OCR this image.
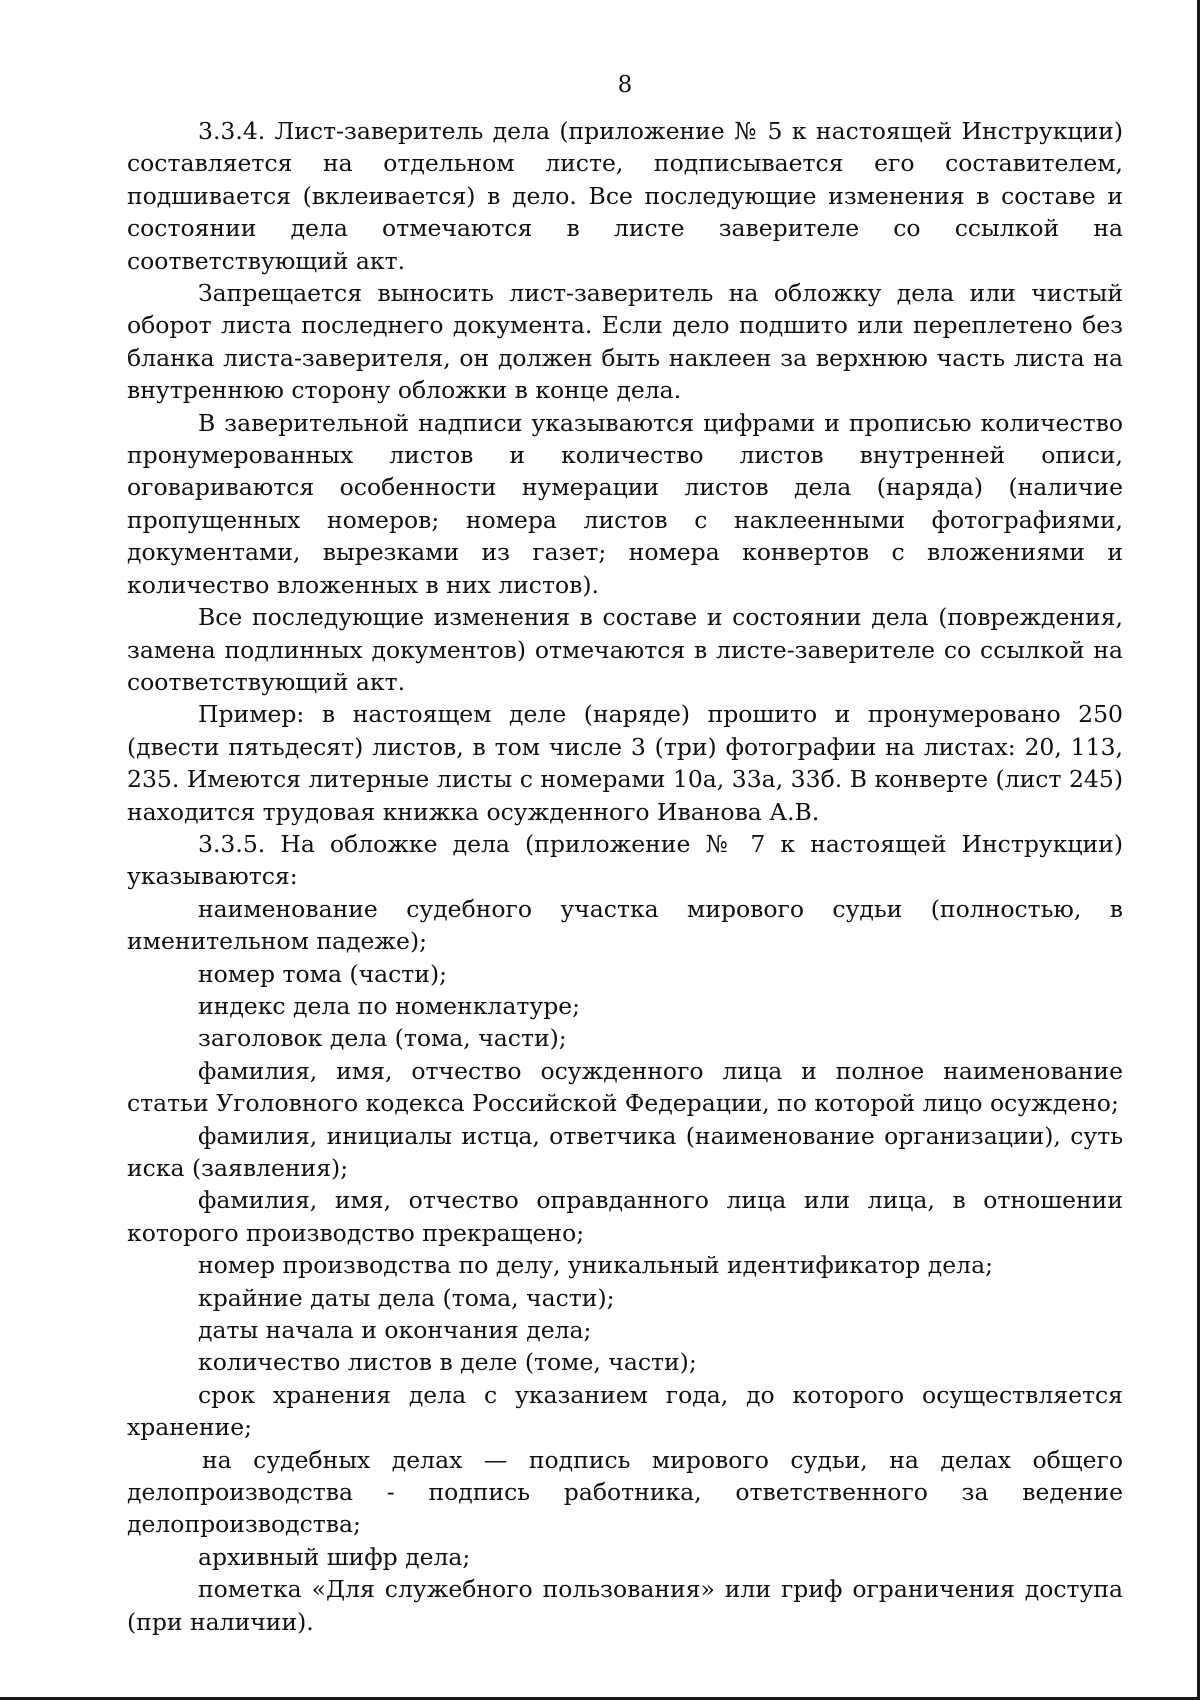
8

3.3.4. Лист-заверитель дела (приложение № 5 к настоящей Инструкции) составляется на отдельном листе, подписывается его составителем, подшивается (вклеивается) в дело. Все последующие изменения в составе и состоянии дела отмечаются в листе заверителе со ссылкой на соответствующий акт.

Запрещается выносить лист-заверитель на обложку дела или чистый оборот листа последнего документа. Если дело подшито или переплетено без бланка листа-заверителя, он должен быть наклеен за верхнюю часть листа на внутреннюю сторону обложки в конце дела.

В заверительной надписи указываются цифрами и прописью количество пронумерованных листов и количество листов внутренней описи, оговариваются особенности нумерации листов дела (наряда) (наличие пропущенных номеров; номера листов с наклеенными фотографиями, документами, вырезками из газет; номера конвертов с вложениями и количество вложенных в них листов).

Все последующие изменения в составе и состоянии дела (повреждения, замена подлинных документов) отмечаются в листе-заверителе со ссылкой на соответствующий акт.

Пример: в настоящем деле (наряде) прошито и пронумеровано 250 (двести пятьдесят) листов, в том числе 3 (три) фотографии на листах: 20, 113, 235. Имеются литерные листы с номерами 10а, 33а, 33б. В конверте (лист 245) находится трудовая книжка осужденного Иванова А.В.

3.3.5. На обложке дела (приложение № 7 к настоящей Инструкции) указываются:

наименование судебного участка мирового судьи (полностью, в именительном падеже);

номер тома (части);

индекс дела по номенклатуре;

заголовок дела (тома, части);

фамилия, имя, отчество осужденного лица и полное наименование статьи Уголовного кодекса Российской Федерации, по которой лицо осуждено;

фамилия, инициалы истца, ответчика (наименование организации), суть иска (заявления);

фамилия, имя, отчество оправданного лица или лица, в отношении которого производство прекращено;

номер производства по делу, уникальный идентификатор дела;

крайние даты дела (тома, части);

даты начала и окончания дела;

количество листов в деле (томе, части);

срок хранения дела с указанием года, до которого осуществляется хранение;

на судебных делах — подпись мирового судьи, на делах общего делопроизводства - подпись работника, ответственного за ведение делопроизводства;

архивный шифр дела;

пометка «Для служебного пользования» или гриф ограничения доступа (при наличии).
